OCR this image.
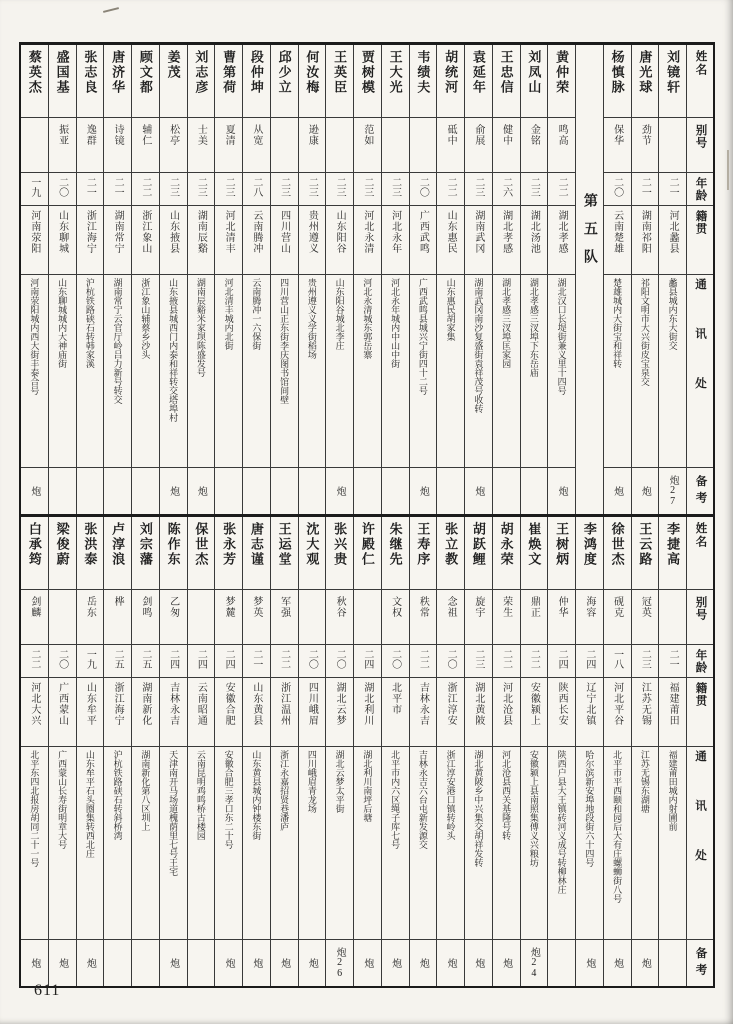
姓名
别号
年龄
籍贯
通讯处
备考
刘镜轩
二一
河北蠡县
蠡县城内东大街交
炮27
唐光球
劲节
二一
湖南祁阳
祁阳文明市大兴街皮宝泉交
炮
杨慎脉
保华
二〇
云南楚雄
楚雄城内大街宝和祥转
炮
第五队
黄仲荣
鸣高
二二
湖北孝感
湖北汉口长堤街兼义里十四号
炮
刘凤山
金铭
二三
湖北汤池
湖北孝感三汊埠下东岳庙
王忠信
健中
二六
湖北孝感
湖北孝感三汊埠匡家园
袁延年
俞展
二三
湖南武冈
湖南武冈南沙复盛街袁祥茂号收转
炮
胡统河
砥中
二二
山东惠民
山东惠民胡家集
韦绩夫
二〇
广西武鸣
广西武鸣县城兴宁街四十二号
炮
王大光
二三
河北永年
河北永年城内中山中街
贾树模
范如
二三
河北永清
河北永清城东郭岳寨
王英臣
二三
山东阳谷
山东阳谷城北李庄
炮
何汝梅
逊康
二三
贵州遵义
贵州遵义义学街稻场
邱少立
二三
四川营山
四川营山正东街李庆图书馆间壁
段仲坤
从宽
二八
云南腾冲
云南腾冲一六保街
曹第荷
夏清
二三
河北清丰
河北清丰城内北街
刘志彦
士美
二三
湖南辰谿
湖南辰谿米家坝陈盛发号
炮
姜茂
松亭
二三
山东掖县
山东掖县城西门内泰和祥转交塔埠村
炮
顾文都
辅仁
二二
浙江象山
浙江象山辅蔡乡沙头
唐济华
诗镜
二一
湖南常宁
湖南常宁云官厅岭吕力新号转交
张志良
逸群
二一
浙江海宁
沪杭铁路硖石转韩家溪
盛国基
振亚
二〇
山东聊城
山东聊城城内大神庙街
蔡英杰
一九
河南荥阳
河南荥阳城内西大街丰泰合号
炮
姓名
别号
年龄
籍贯
通讯处
备考
李捷高
二一
福建莆田
福建莆田城内射圃前
王云路
冠英
二三
江苏无锡
江苏无锡东湖塘
炮
徐世杰
砚克
一八
河北平谷
北平市平西颐和园后大有庄螺蛳街八号
炮
李鸿度
海容
二四
辽宁北镇
哈尔滨新安埠地段街六十四号
炮
王树炳
仲华
二四
陕西长安
陕西户县大王镇砖河义成号转柳林庄
崔焕文
鼎正
二二
安徽颍上
安徽颍上县南照集傅义兴粮坊
炮24
胡永荣
荣生
二二
河北沧县
河北沧县西关基隆号转
炮
胡跃鲤
旋宇
二三
湖北黄陂
湖北黄陂乡中兴集交胡祥发转
炮
张立教
念祖
二〇
浙江淳安
浙江淳安港口镇转岭头
炮
王寿序
秩常
二二
吉林永吉
吉林永吉六台屯新发源交
炮
朱继先
文权
二〇
北平市
北平市内六区绳子库七号
炮
许殿仁
二四
湖北利川
湖北利川南坪后塘
炮
张兴贵
秋谷
二〇
湖北云梦
湖北云梦太平街
炮26
沈大观
二〇
四川峨眉
四川峨眉青龙场
炮
王运堂
军强
二二
浙江温州
浙江永嘉招贤巷潘庐
炮
唐志谨
梦英
二一
山东黄县
山东黄县城内钟楼东街
炮
张永芳
梦麓
二四
安徽合肥
安徽合肥三孝口东二十号
炮
保世杰
二四
云南昭通
云南昆明鸡鸣桥古楼园
陈作东
乙匆
二四
吉林永吉
天津南开马场道槐荫里七号王宅
炮
刘宗藩
剑鸣
二五
湖南新化
湖南新化第八区圳上
卢淳浪
桦
二五
浙江海宁
沪杭铁路硖石转斜桥湾
张洪泰
岳东
一九
山东牟平
山东牟平石头圈集转西北庄
炮
梁俊蔚
二〇
广西蒙山
广西蒙山长寿街明章大号
炮
白承筠
剑麟
二二
河北大兴
北平东四北报房胡同二十一号
炮
611
